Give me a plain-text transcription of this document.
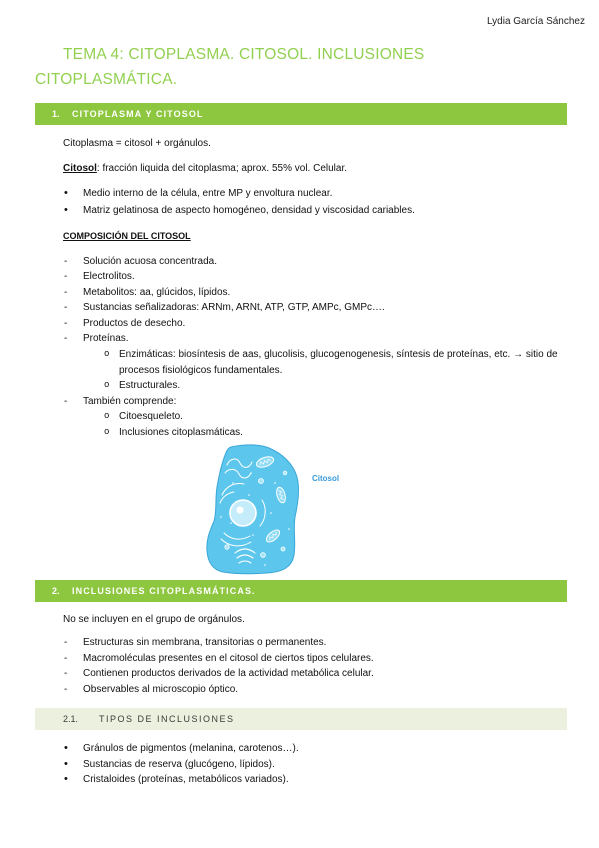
Lydia García Sánchez
TEMA 4: CITOPLASMA. CITOSOL. INCLUSIONES CITOPLASMÁTICA.
1. CITOPLASMA Y CITOSOL

Citoplasma = citosol + orgánulos.

Citosol: fracción liquida del citoplasma; aprox. 55% vol. Celular.

• Medio interno de la célula, entre MP y envoltura nuclear.
• Matriz gelatinosa de aspecto homogéneo, densidad y viscosidad cariables.

COMPOSICIÓN DEL CITOSOL

- Solución acuosa concentrada.
- Electrolitos.
- Metabolitos: aa, glúcidos, lípidos.
- Sustancias señalizadoras: ARNm, ARNt, ATP, GTP, AMPc, GMPc….
- Productos de desecho.
- Proteínas.
o Enzimáticas: biosíntesis de aas, glucolisis, glucogenogenesis, síntesis de proteínas, etc. → sitio de procesos fisiológicos fundamentales.
o Estructurales.
- También comprende:
o Citoesqueleto.
o Inclusiones citoplasmáticas.
Citosol
2. INCLUSIONES CITOPLASMÁTICAS.

No se incluyen en el grupo de orgánulos.

- Estructuras sin membrana, transitorias o permanentes.
- Macromoléculas presentes en el citosol de ciertos tipos celulares.
- Contienen productos derivados de la actividad metabólica celular.
- Observables al microscopio óptico.
2.1. TIPOS DE INCLUSIONES
• Gránulos de pigmentos (melanina, carotenos…).
• Sustancias de reserva (glucógeno, lípidos).
• Cristaloides (proteínas, metabólicos variados).
